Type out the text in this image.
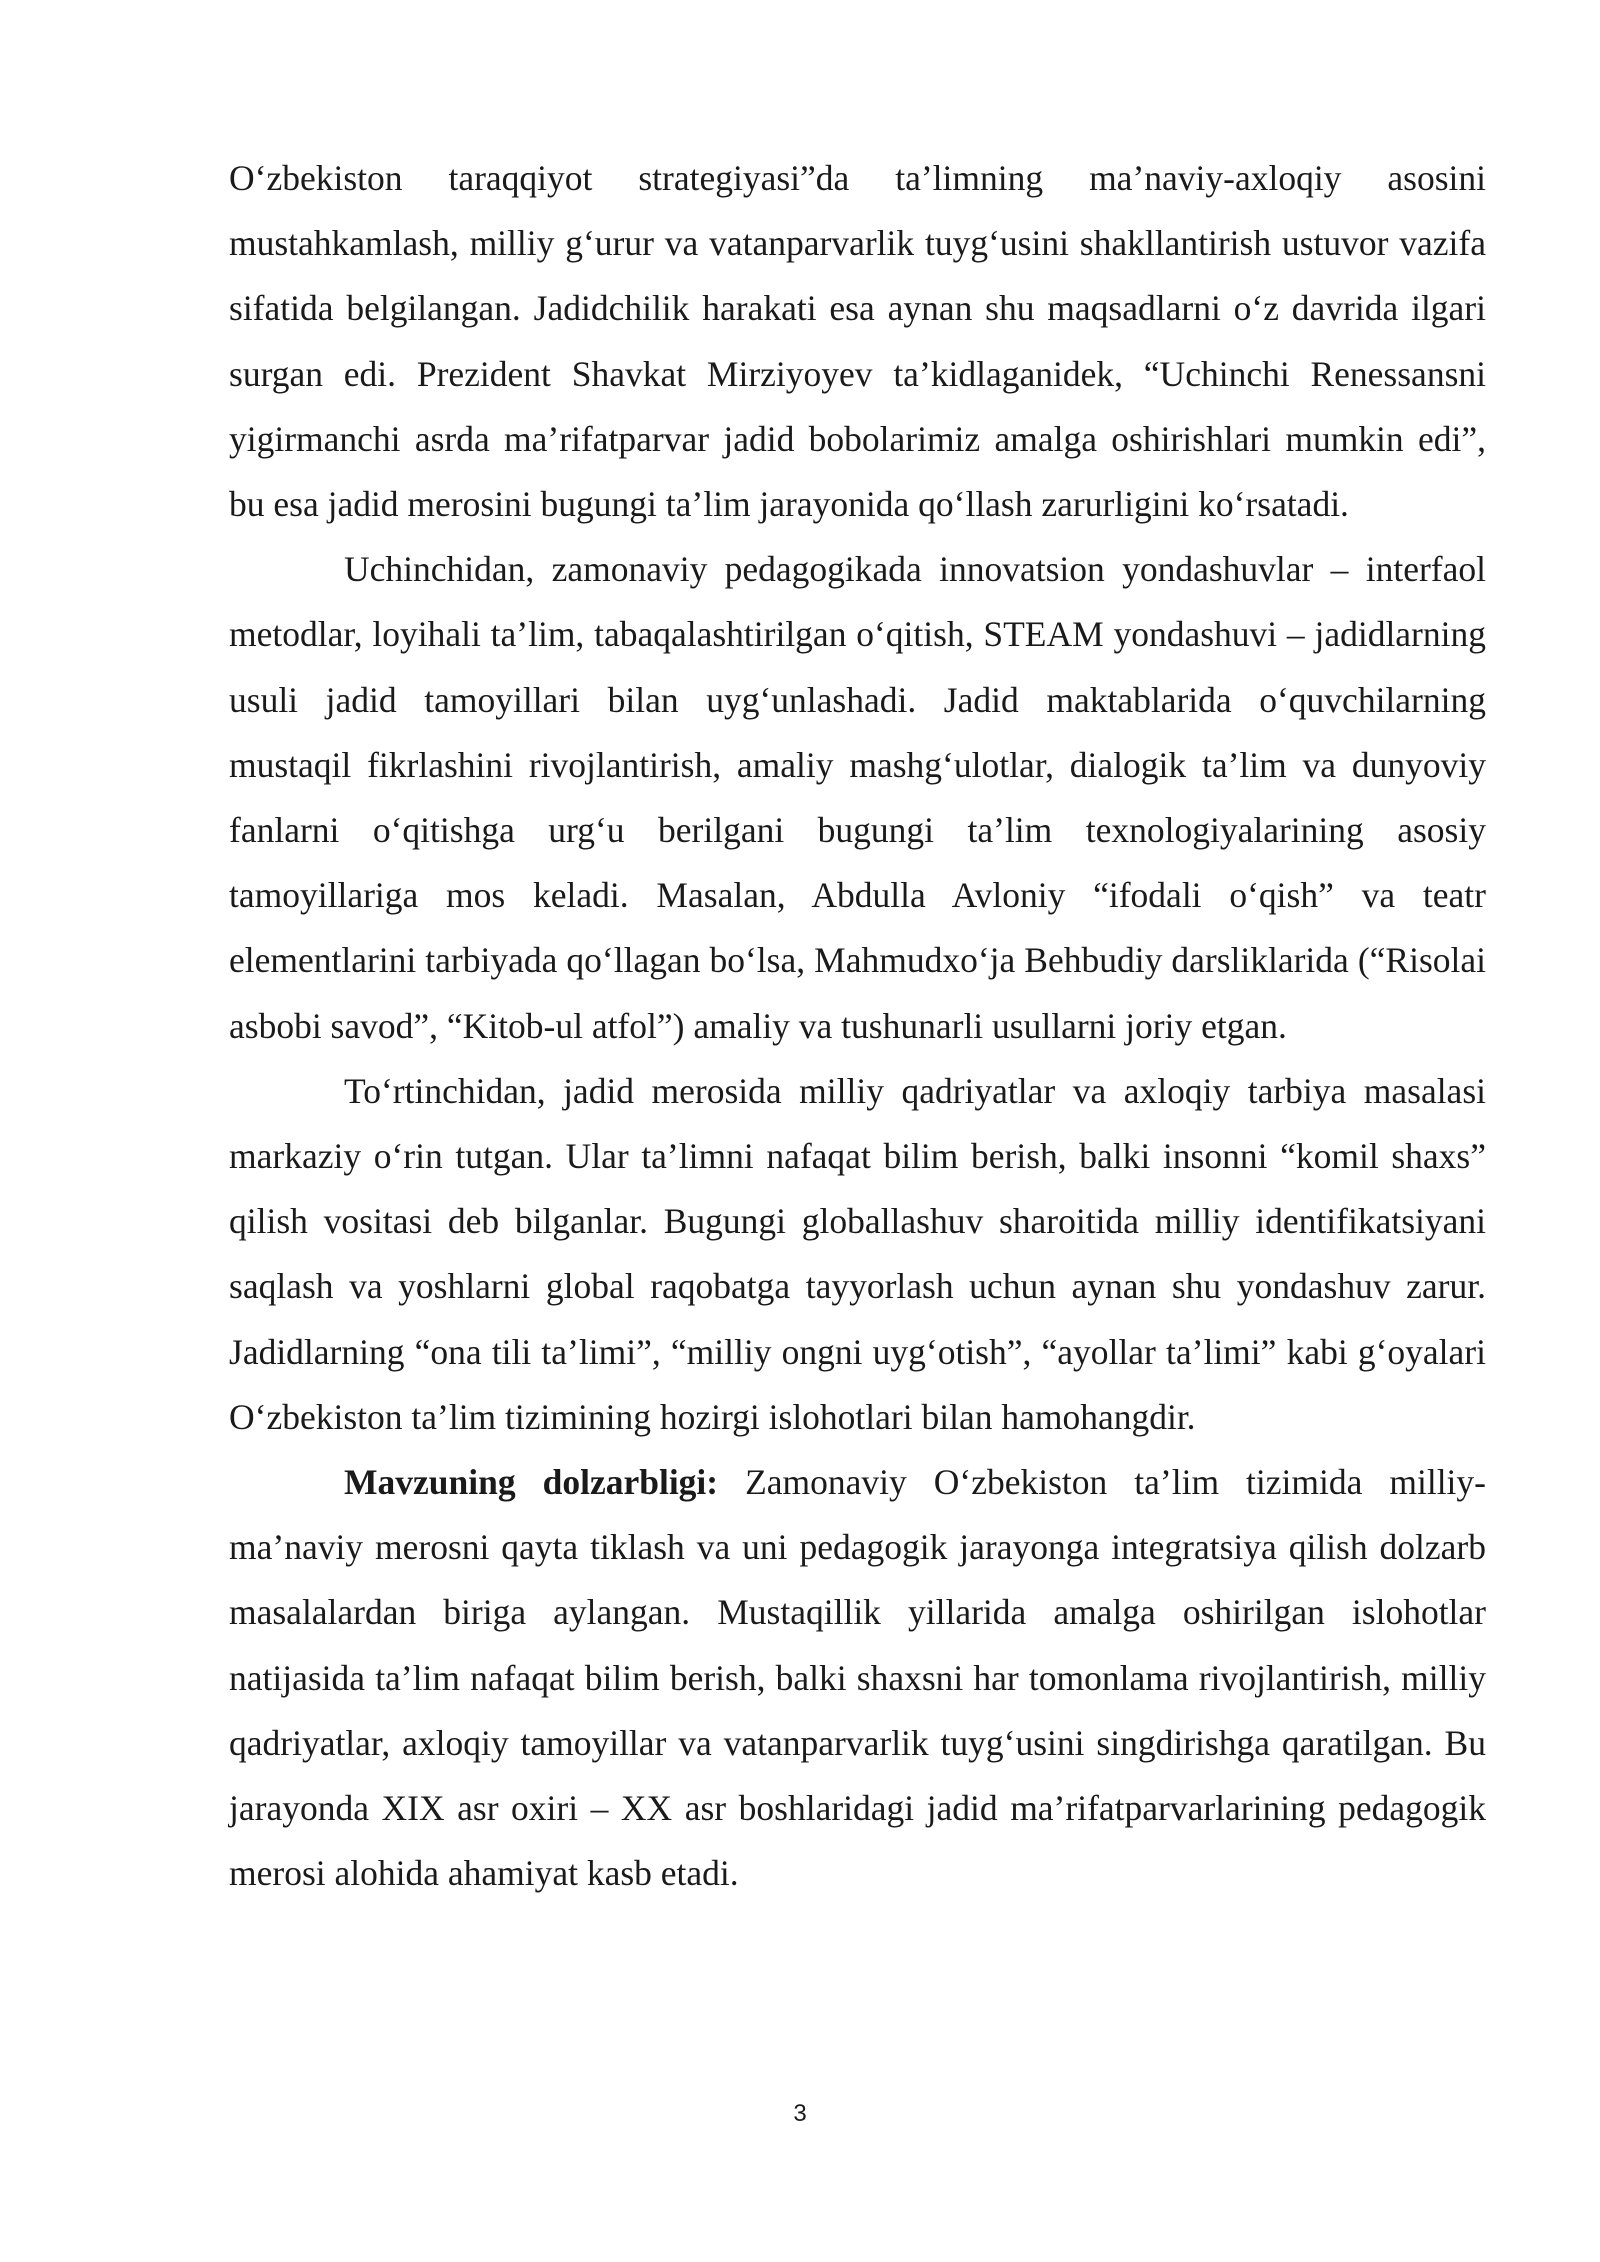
O‘zbekiston taraqqiyot strategiyasi”da ta’limning ma’naviy-axloqiy asosini mustahkamlash, milliy g‘urur va vatanparvarlik tuyg‘usini shakllantirish ustuvor vazifa sifatida belgilangan. Jadidchilik harakati esa aynan shu maqsadlarni o‘z davrida ilgari surgan edi. Prezident Shavkat Mirziyoyev ta’kidlaganidek, “Uchinchi Renessansni yigirmanchi asrda ma’rifatparvar jadid bobolarimiz amalga oshirishlari mumkin edi”, bu esa jadid merosini bugungi ta’lim jarayonida qo‘llash zarurligini ko‘rsatadi.

Uchinchidan, zamonaviy pedagogikada innovatsion yondashuvlar – interfaol metodlar, loyihali ta’lim, tabaqalashtirilgan o‘qitish, STEAM yondashuvi – jadidlarning usuli jadid tamoyillari bilan uyg‘unlashadi. Jadid maktablarida o‘quvchilarning mustaqil fikrlashini rivojlantirish, amaliy mashg‘ulotlar, dialogik ta’lim va dunyoviy fanlarni o‘qitishga urg‘u berilgani bugungi ta’lim texnologiyalarining asosiy tamoyillariga mos keladi. Masalan, Abdulla Avloniy “ifodali o‘qish” va teatr elementlarini tarbiyada qo‘llagan bo‘lsa, Mahmudxo‘ja Behbudiy darsliklarida (“Risolai asbobi savod”, “Kitob-ul atfol”) amaliy va tushunarli usullarni joriy etgan.

To‘rtinchidan, jadid merosida milliy qadriyatlar va axloqiy tarbiya masalasi markaziy o‘rin tutgan. Ular ta’limni nafaqat bilim berish, balki insonni “komil shaxs” qilish vositasi deb bilganlar. Bugungi globallashuv sharoitida milliy identifikatsiyani saqlash va yoshlarni global raqobatga tayyorlash uchun aynan shu yondashuv zarur. Jadidlarning “ona tili ta’limi”, “milliy ongni uyg‘otish”, “ayollar ta’limi” kabi g‘oyalari O‘zbekiston ta’lim tizimining hozirgi islohotlari bilan hamohangdir.

Mavzuning dolzarbligi: Zamonaviy O‘zbekiston ta’lim tizimida milliy-ma’naviy merosni qayta tiklash va uni pedagogik jarayonga integratsiya qilish dolzarb masalalardan biriga aylangan. Mustaqillik yillarida amalga oshirilgan islohotlar natijasida ta’lim nafaqat bilim berish, balki shaxsni har tomonlama rivojlantirish, milliy qadriyatlar, axloqiy tamoyillar va vatanparvarlik tuyg‘usini singdirishga qaratilgan. Bu jarayonda XIX asr oxiri – XX asr boshlaridagi jadid ma’rifatparvarlarining pedagogik merosi alohida ahamiyat kasb etadi.

3
